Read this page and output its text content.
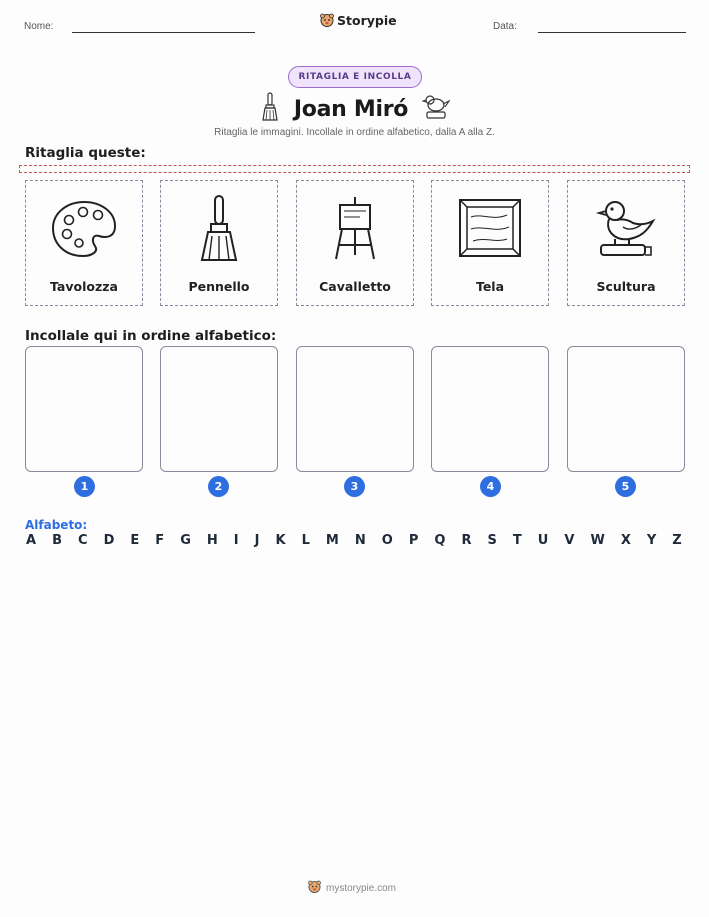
Nome:	Storypie	Data:
RITAGLIA E INCOLLA
Joan Miró
Ritaglia le immagini. Incollale in ordine alfabetico, dalla A alla Z.
Ritaglia queste:
Tavolozza	Pennello	Cavalletto	Tela	Scultura
Incollale qui in ordine alfabetico:
1	2	3	4	5
Alfabeto:
A B C D E F G H I J K L M N O P Q R S T U V W X Y Z
mystorypie.com
